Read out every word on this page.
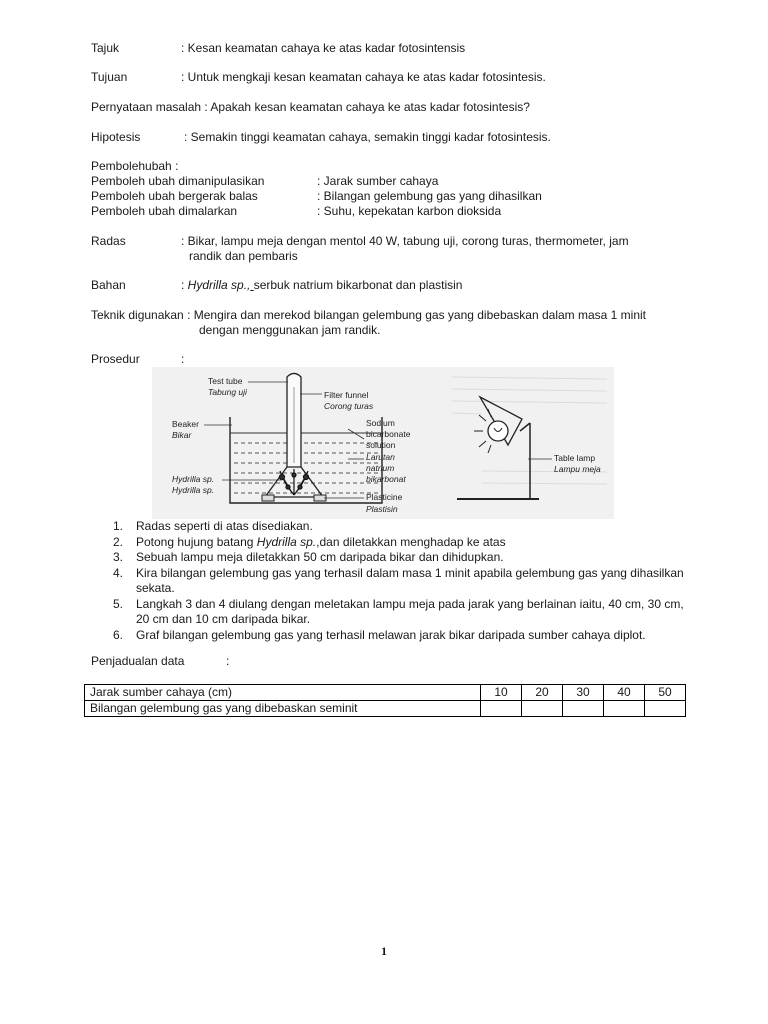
Tajuk	: Kesan keamatan cahaya ke atas kadar fotosintensis
Tujuan	: Untuk mengkaji kesan keamatan cahaya ke atas kadar fotosintesis.
Pernyataan masalah : Apakah kesan keamatan cahaya ke atas kadar fotosintesis?
Hipotesis	: Semakin tinggi keamatan cahaya, semakin tinggi kadar fotosintesis.
Pembolehubah :
Pemboleh ubah dimanipulasikan	: Jarak sumber cahaya
Pemboleh ubah bergerak balas	: Bilangan gelembung gas yang dihasilkan
Pemboleh ubah dimalarkan	: Suhu, kepekatan karbon dioksida
Radas	: Bikar, lampu meja dengan mentol 40 W, tabung uji, corong turas, thermometer, jam
randik dan pembaris
Bahan	: Hydrilla sp., serbuk natrium bikarbonat dan plastisin
Teknik digunakan : Mengira dan merekod bilangan gelembung gas yang dibebaskan dalam masa 1 minit
dengan menggunakan jam randik.
Prosedur	:
Test tube
Tabung uji	Filter funnel
Corong turas
Beaker
Bikar
Sodium
bicarbonate
solution
Larutan
natrium
bikarbonat
Hydrilla sp.
Hydrilla sp.
Plasticine
Plastisin
Table lamp
Lampu meja
1. Radas seperti di atas disediakan.
2. Potong hujung batang Hydrilla sp.,dan diletakkan menghadap ke atas
3. Sebuah lampu meja diletakkan 50 cm daripada bikar dan dihidupkan.
4. Kira bilangan gelembung gas yang terhasil dalam masa 1 minit apabila gelembung gas yang dihasilkan sekata.
5. Langkah 3 dan 4 diulang dengan meletakan lampu meja pada jarak yang berlainan iaitu, 40 cm, 30 cm, 20 cm dan 10 cm daripada bikar.
6. Graf bilangan gelembung gas yang terhasil melawan jarak bikar daripada sumber cahaya diplot.
Penjadualan data	:
Jarak sumber cahaya (cm)	10	20	30	40	50
Bilangan gelembung gas yang dibebaskan seminit					
1
